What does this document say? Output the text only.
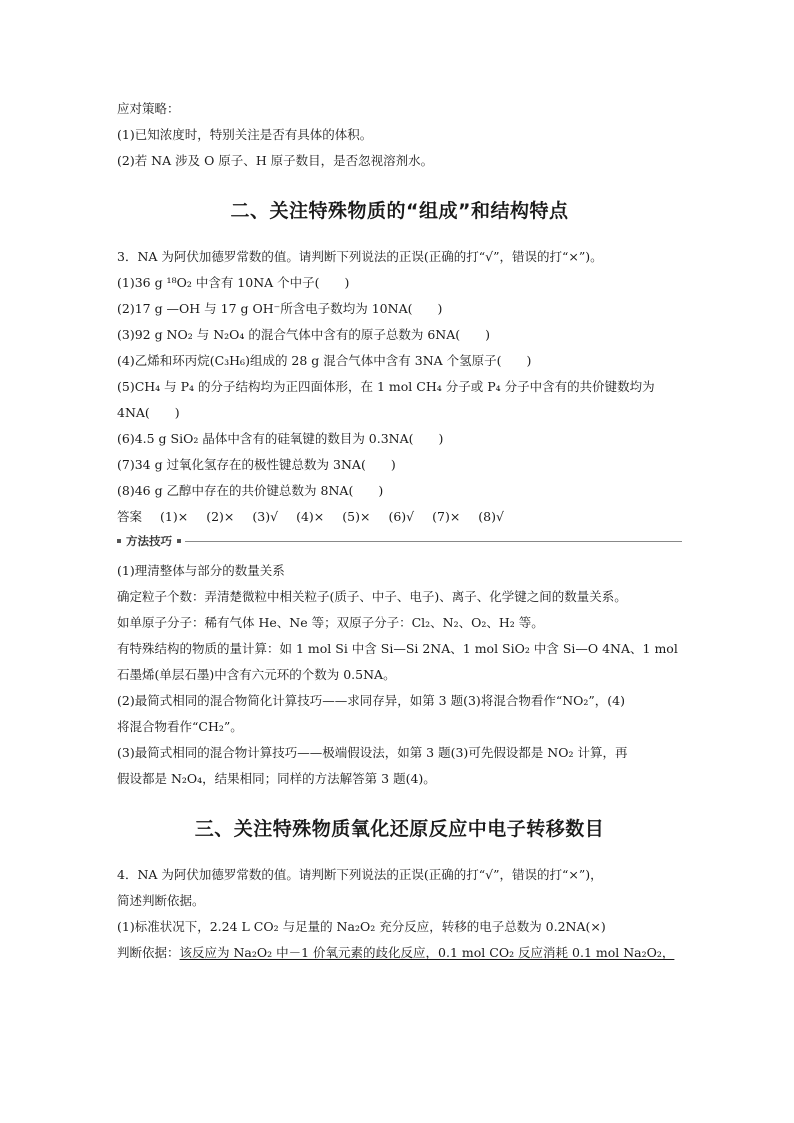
应对策略：
(1)已知浓度时，特别关注是否有具体的体积。
(2)若 NA 涉及 O 原子、H 原子数目，是否忽视溶剂水。
二、关注特殊物质的“组成”和结构特点
3．NA 为阿伏加德罗常数的值。请判断下列说法的正误(正确的打“√”，错误的打“×”)。
(1)36 g ¹⁸O₂ 中含有 10NA 个中子(　　)
(2)17 g —OH 与 17 g OH⁻所含电子数均为 10NA(　　)
(3)92 g NO₂ 与 N₂O₄ 的混合气体中含有的原子总数为 6NA(　　)
(4)乙烯和环丙烷(C₃H₆)组成的 28 g 混合气体中含有 3NA 个氢原子(　　)
(5)CH₄ 与 P₄ 的分子结构均为正四面体形，在 1 mol CH₄ 分子或 P₄ 分子中含有的共价键数均为
4NA(　　)
(6)4.5 g SiO₂ 晶体中含有的硅氧键的数目为 0.3NA(　　)
(7)34 g 过氧化氢存在的极性键总数为 3NA(　　)
(8)46 g 乙醇中存在的共价键总数为 8NA(　　)
答案 (1)× (2)× (3)√ (4)× (5)× (6)√ (7)× (8)√
方法技巧
(1)理清整体与部分的数量关系
确定粒子个数：弄清楚微粒中相关粒子(质子、中子、电子)、离子、化学键之间的数量关系。
如单原子分子：稀有气体 He、Ne 等；双原子分子：Cl₂、N₂、O₂、H₂ 等。
有特殊结构的物质的量计算：如 1 mol Si 中含 Si—Si 2NA、1 mol SiO₂ 中含 Si—O 4NA、1 mol
石墨烯(单层石墨)中含有六元环的个数为 0.5NA。
(2)最简式相同的混合物简化计算技巧——求同存异，如第 3 题(3)将混合物看作“NO₂”，(4)
将混合物看作“CH₂”。
(3)最简式相同的混合物计算技巧——极端假设法，如第 3 题(3)可先假设都是 NO₂ 计算，再
假设都是 N₂O₄，结果相同；同样的方法解答第 3 题(4)。
三、关注特殊物质氧化还原反应中电子转移数目
4．NA 为阿伏加德罗常数的值。请判断下列说法的正误(正确的打“√”，错误的打“×”)，
简述判断依据。
(1)标准状况下，2.24 L CO₂ 与足量的 Na₂O₂ 充分反应，转移的电子总数为 0.2NA(×)
判断依据：该反应为 Na₂O₂ 中－1 价氧元素的歧化反应，0.1 mol CO₂ 反应消耗 0.1 mol Na₂O₂，
